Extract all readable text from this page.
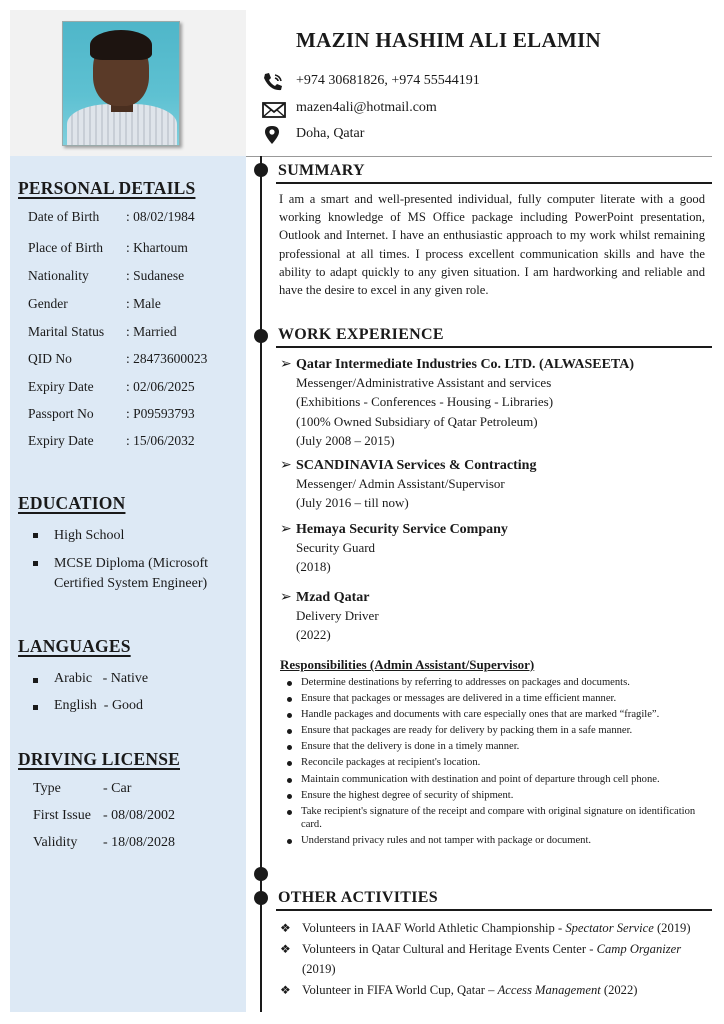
PERSONAL DETAILS
Date of Birth	: 08/02/1984
Place of Birth	: Khartoum
Nationality	: Sudanese
Gender	: Male
Marital Status	: Married
QID No	: 28473600023
Expiry Date	: 02/06/2025
Passport No	: P09593793
Expiry Date	: 15/06/2032
EDUCATION
High School
MCSE Diploma (Microsoft Certified System Engineer)
LANGUAGES
Arabic   - Native
English  - Good
DRIVING LICENSE
Type	- Car
First Issue - 08/08/2002
Validity	- 18/08/2028
MAZIN HASHIM ALI ELAMIN
+974 30681826, +974 55544191
mazen4ali@hotmail.com
Doha, Qatar
SUMMARY
I am a smart and well-presented individual, fully computer literate with a good working knowledge of MS Office package including PowerPoint presentation, Outlook and Internet. I have an enthusiastic approach to my work whilst remaining professional at all times. I process excellent communication skills and have the ability to adapt quickly to any given situation. I am hardworking and reliable and have the desire to excel in any given role.
WORK EXPERIENCE
➢ Qatar Intermediate Industries Co. LTD. (ALWASEETA)
Messenger/Administrative Assistant and services
(Exhibitions - Conferences - Housing - Libraries)
(100% Owned Subsidiary of Qatar Petroleum)
(July 2008 – 2015)
➢ SCANDINAVIA Services & Contracting
Messenger/ Admin Assistant/Supervisor
(July 2016 – till now)
➢ Hemaya Security Service Company
Security Guard
(2018)
➢ Mzad Qatar
Delivery Driver
(2022)
Responsibilities (Admin Assistant/Supervisor)
Determine destinations by referring to addresses on packages and documents.
Ensure that packages or messages are delivered in a time efficient manner.
Handle packages and documents with care especially ones that are marked “fragile”.
Ensure that packages are ready for delivery by packing them in a safe manner.
Ensure that the delivery is done in a timely manner.
Reconcile packages at recipient's location.
Maintain communication with destination and point of departure through cell phone.
Ensure the highest degree of security of shipment.
Take recipient's signature of the receipt and compare with original signature on identification card.
Understand privacy rules and not tamper with package or document.
OTHER ACTIVITIES
❖ Volunteers in IAAF World Athletic Championship - Spectator Service (2019)
❖ Volunteers in Qatar Cultural and Heritage Events Center - Camp Organizer (2019)
❖ Volunteer in FIFA World Cup, Qatar – Access Management (2022)
